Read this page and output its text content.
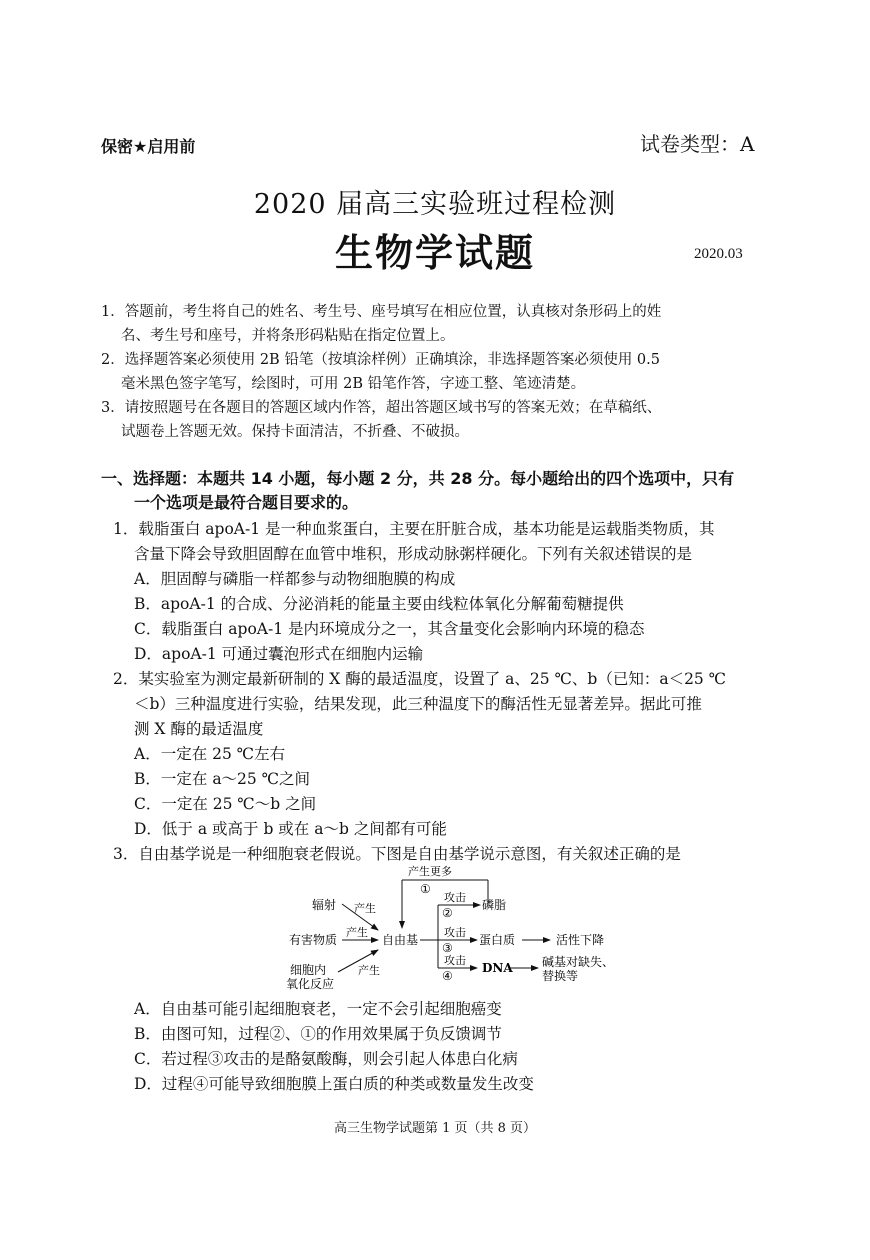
保密★启用前	试卷类型：A
2020 届高三实验班过程检测
生物学试题	2020.03
1．答题前，考生将自己的姓名、考生号、座号填写在相应位置，认真核对条形码上的姓
名、考生号和座号，并将条形码粘贴在指定位置上。
2．选择题答案必须使用 2B 铅笔（按填涂样例）正确填涂，非选择题答案必须使用 0.5
毫米黑色签字笔写，绘图时，可用 2B 铅笔作答，字迹工整、笔迹清楚。
3．请按照题号在各题目的答题区域内作答，超出答题区域书写的答案无效；在草稿纸、
试题卷上答题无效。保持卡面清洁，不折叠、不破损。
一、选择题：本题共 14 小题，每小题 2 分，共 28 分。每小题给出的四个选项中，只有
一个选项是最符合题目要求的。
1．载脂蛋白 apoA-1 是一种血浆蛋白，主要在肝脏合成，基本功能是运载脂类物质，其
含量下降会导致胆固醇在血管中堆积，形成动脉粥样硬化。下列有关叙述错误的是
A．胆固醇与磷脂一样都参与动物细胞膜的构成
B．apoA-1 的合成、分泌消耗的能量主要由线粒体氧化分解葡萄糖提供
C．载脂蛋白 apoA-1 是内环境成分之一，其含量变化会影响内环境的稳态
D．apoA-1 可通过囊泡形式在细胞内运输
2．某实验室为测定最新研制的 X 酶的最适温度，设置了 a、25 ℃、b（已知：a＜25 ℃
＜b）三种温度进行实验，结果发现，此三种温度下的酶活性无显著差异。据此可推
测 X 酶的最适温度
A．一定在 25 ℃左右
B．一定在 a～25 ℃之间
C．一定在 25 ℃～b 之间
D．低于 a 或高于 b 或在 a～b 之间都有可能
3．自由基学说是一种细胞衰老假说。下图是自由基学说示意图，有关叙述正确的是
产生更多
①
辐射 产生
有害物质
产生
细胞内
氧化反应
产生
自由基
攻击
②
磷脂
攻击
③
蛋白质	活性下降
攻击
④
DNA 碱基对缺失、
替换等
A．自由基可能引起细胞衰老，一定不会引起细胞癌变
B．由图可知，过程②、①的作用效果属于负反馈调节
C．若过程③攻击的是酪氨酸酶，则会引起人体患白化病
D．过程④可能导致细胞膜上蛋白质的种类或数量发生改变
高三生物学试题第 1 页（共 8 页）
